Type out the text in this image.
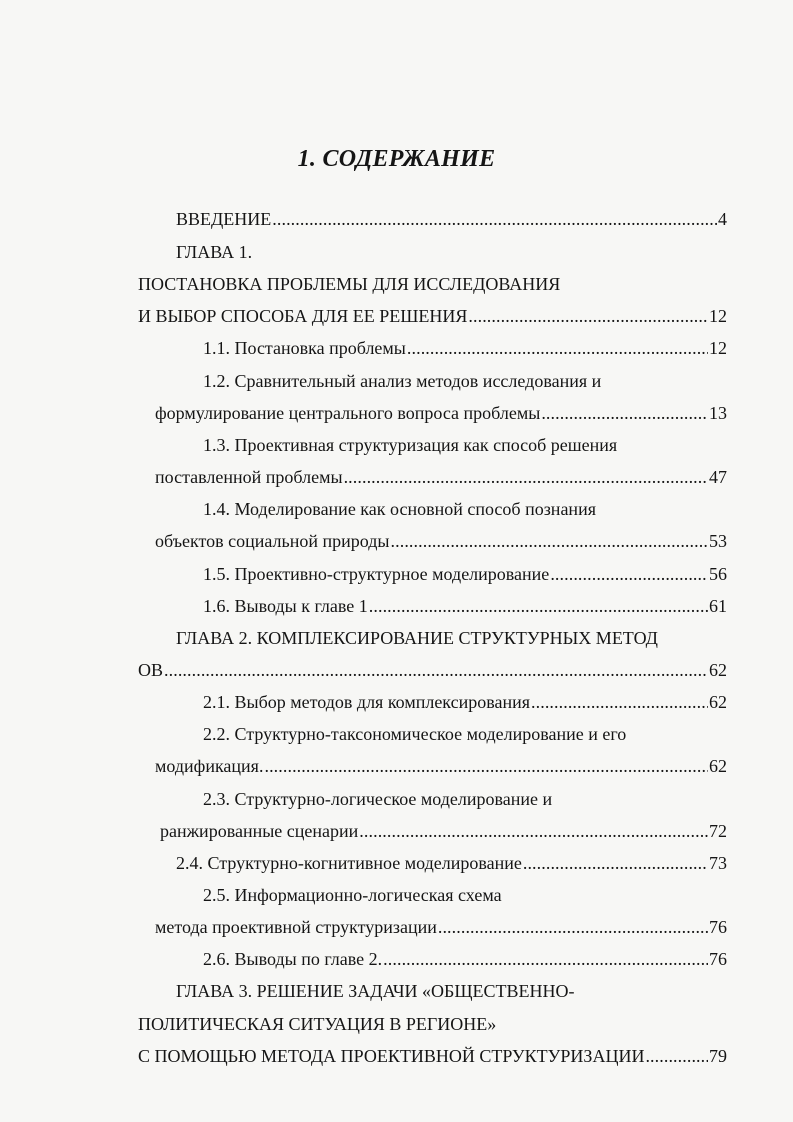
1. СОДЕРЖАНИЕ
ВВЕДЕНИЕ . . .	4
ГЛАВА 1.
ПОСТАНОВКА ПРОБЛЕМЫ ДЛЯ ИССЛЕДОВАНИЯ
И ВЫБОР СПОСОБА ДЛЯ ЕЕ РЕШЕНИЯ . . .	12
1.1. Постановка проблемы . . .	12
1.2. Сравнительный анализ методов исследования и
формулирование центрального вопроса проблемы . . .	13
1.3. Проективная структуризация как способ решения
поставленной проблемы . . .	47
1.4. Моделирование как основной способ познания
объектов социальной природы . . .	53
1.5. Проективно-структурное моделирование . . .	56
1.6. Выводы к главе 1 . . .	61
ГЛАВА 2. КОМПЛЕКСИРОВАНИЕ СТРУКТУРНЫХ МЕТОД
ОВ . . .	62
2.1. Выбор методов для комплексирования . . .	62
2.2. Структурно-таксономическое моделирование и его
модификация. . . .	62
2.3. Структурно-логическое моделирование и
ранжированные сценарии . . .	72
2.4. Структурно-когнитивное моделирование . . .	73
2.5. Информационно-логическая схема
метода проективной структуризации . . .	76
2.6. Выводы по главе 2. . . .	76
ГЛАВА 3. РЕШЕНИЕ ЗАДАЧИ «ОБЩЕСТВЕННО-
ПОЛИТИЧЕСКАЯ СИТУАЦИЯ В РЕГИОНЕ»
С ПОМОЩЬЮ МЕТОДА ПРОЕКТИВНОЙ СТРУКТУРИЗАЦИИ . . .	79
